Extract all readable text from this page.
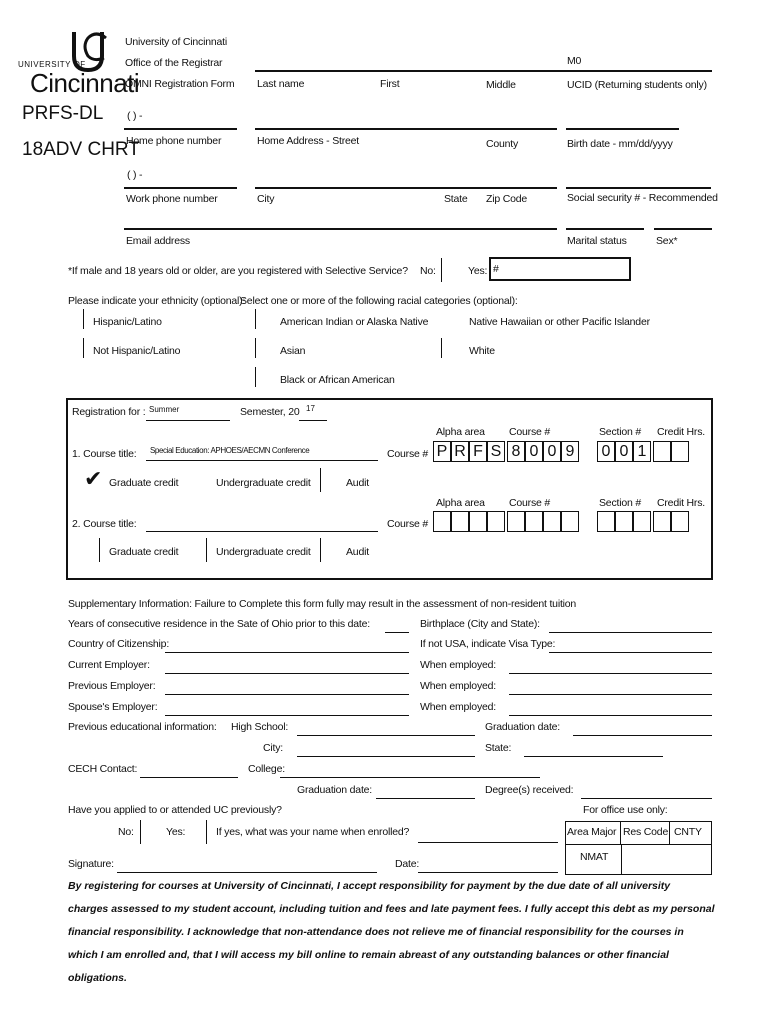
UNIVERSITY OF
Cincinnati
PRFS-DL
18ADV CHRT
University of Cincinnati
Office of the Registrar
OMNI Registration Form
M0
Last name	First	Middle	UCID (Returning students only)
( ) -
Home phone number	Home Address - Street	County	Birth date - mm/dd/yyyy
( ) -
Work phone number	City	State Zip Code	Social security # - Recommended
Email address	Marital status	Sex*
*If male and 18 years old or older, are you registered with Selective Service? No:	Yes: #
Please indicate your ethnicity (optional):
Select one or more of the following racial categories (optional):
Hispanic/Latino	American Indian or Alaska Native	Native Hawaiian or other Pacific Islander
Not Hispanic/Latino	Asian	White
Black or African American
Registration for : Summer	Semester, 20 17
Alpha area Course #	Section # Credit Hrs.
1. Course title: Special Education: APHOES/AECMN Conference	Course # P R F S 8 0 0 9 0 0 1
✔ Graduate credit	Undergraduate credit	Audit
Alpha area Course #	Section # Credit Hrs.
2. Course title:	Course #
Graduate credit	Undergraduate credit	Audit
Supplementary Information: Failure to Complete this form fully may result in the assessment of non-resident tuition
Years of consecutive residence in the Sate of Ohio prior to this date:	Birthplace (City and State):
Country of Citizenship:	If not USA, indicate Visa Type:
Current Employer:	When employed:
Previous Employer:	When employed:
Spouse's Employer:	When employed:
Previous educational information: High School:	Graduation date:
City:	State:
CECH Contact:	College:
Graduation date:	Degree(s) received:
Have you applied to or attended UC previously?	For office use only:
No:	Yes:	If yes, what was your name when enrolled?	Area Major Res Code CNTY
NMAT
Signature:	Date:
By registering for courses at University of Cincinnati, I accept responsibility for payment by the due date of all university
charges assessed to my student account, including tuition and fees and late payment fees. I fully accept this debt as my personal
financial responsibility. I acknowledge that non-attendance does not relieve me of financial responsibility for the courses in
which I am enrolled and, that I will access my bill online to remain abreast of any outstanding balances or other financial
obligations.
